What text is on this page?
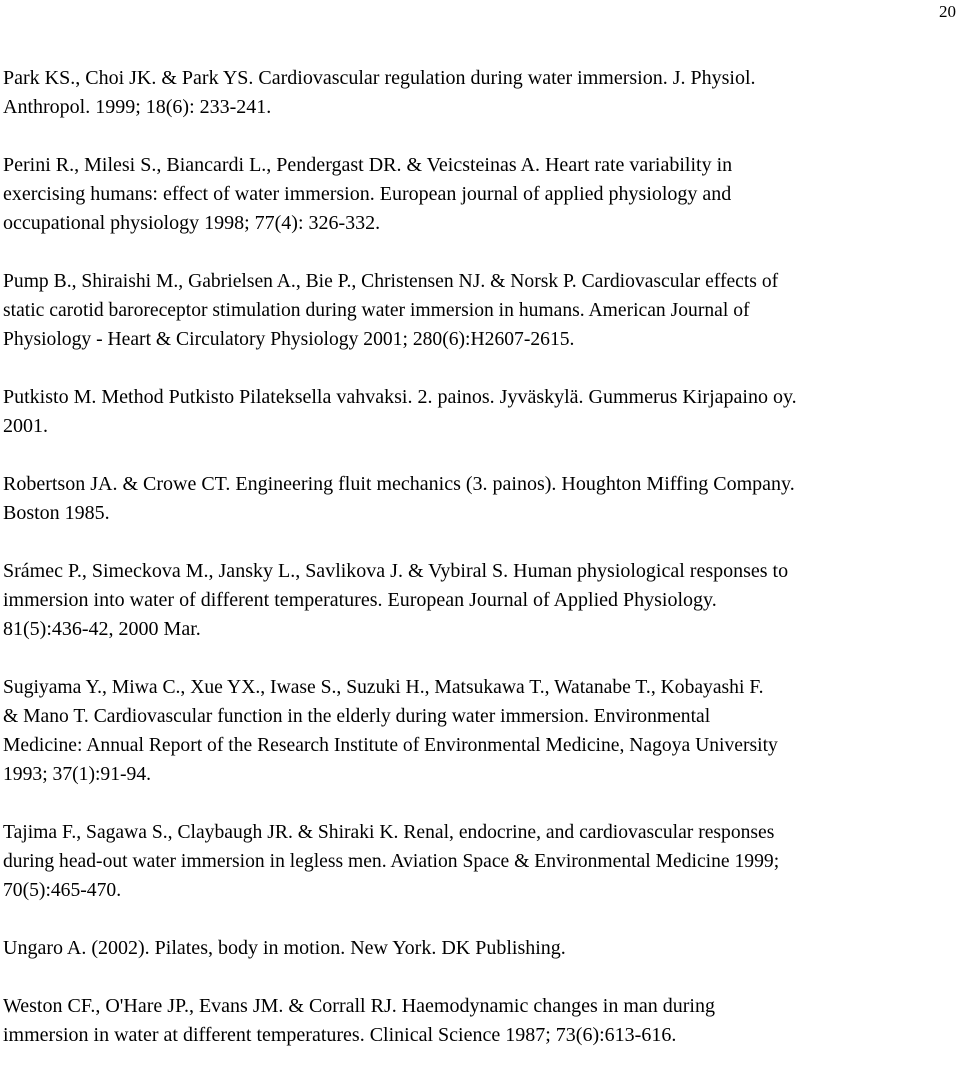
20
Park KS., Choi JK. & Park YS. Cardiovascular regulation during water immersion. J. Physiol.
Anthropol. 1999; 18(6): 233-241.
Perini R., Milesi S., Biancardi L., Pendergast DR. & Veicsteinas A. Heart rate variability in
exercising humans: effect of water immersion. European journal of applied physiology and
occupational physiology 1998; 77(4): 326-332.
Pump B., Shiraishi M., Gabrielsen A., Bie P., Christensen NJ. & Norsk P. Cardiovascular effects of
static carotid baroreceptor stimulation during water immersion in humans. American Journal of
Physiology - Heart & Circulatory Physiology 2001; 280(6):H2607-2615.
Putkisto M. Method Putkisto Pilateksella vahvaksi. 2. painos. Jyväskylä. Gummerus Kirjapaino oy.
2001.
Robertson JA. & Crowe CT. Engineering fluit mechanics (3. painos). Houghton Miffing Company.
Boston 1985.
Srámec P., Simeckova M., Jansky L., Savlikova J. & Vybiral S. Human physiological responses to
immersion into water of different temperatures. European Journal of Applied Physiology.
81(5):436-42, 2000 Mar.
Sugiyama Y., Miwa C., Xue YX., Iwase S., Suzuki H., Matsukawa T., Watanabe T., Kobayashi F.
& Mano T. Cardiovascular function in the elderly during water immersion. Environmental
Medicine: Annual Report of the Research Institute of Environmental Medicine, Nagoya University
1993; 37(1):91-94.
Tajima F., Sagawa S., Claybaugh JR. & Shiraki K. Renal, endocrine, and cardiovascular responses
during head-out water immersion in legless men. Aviation Space & Environmental Medicine 1999;
70(5):465-470.
Ungaro A. (2002). Pilates, body in motion. New York. DK Publishing.
Weston CF., O'Hare JP., Evans JM. & Corrall RJ. Haemodynamic changes in man during
immersion in water at different temperatures. Clinical Science 1987; 73(6):613-616.
